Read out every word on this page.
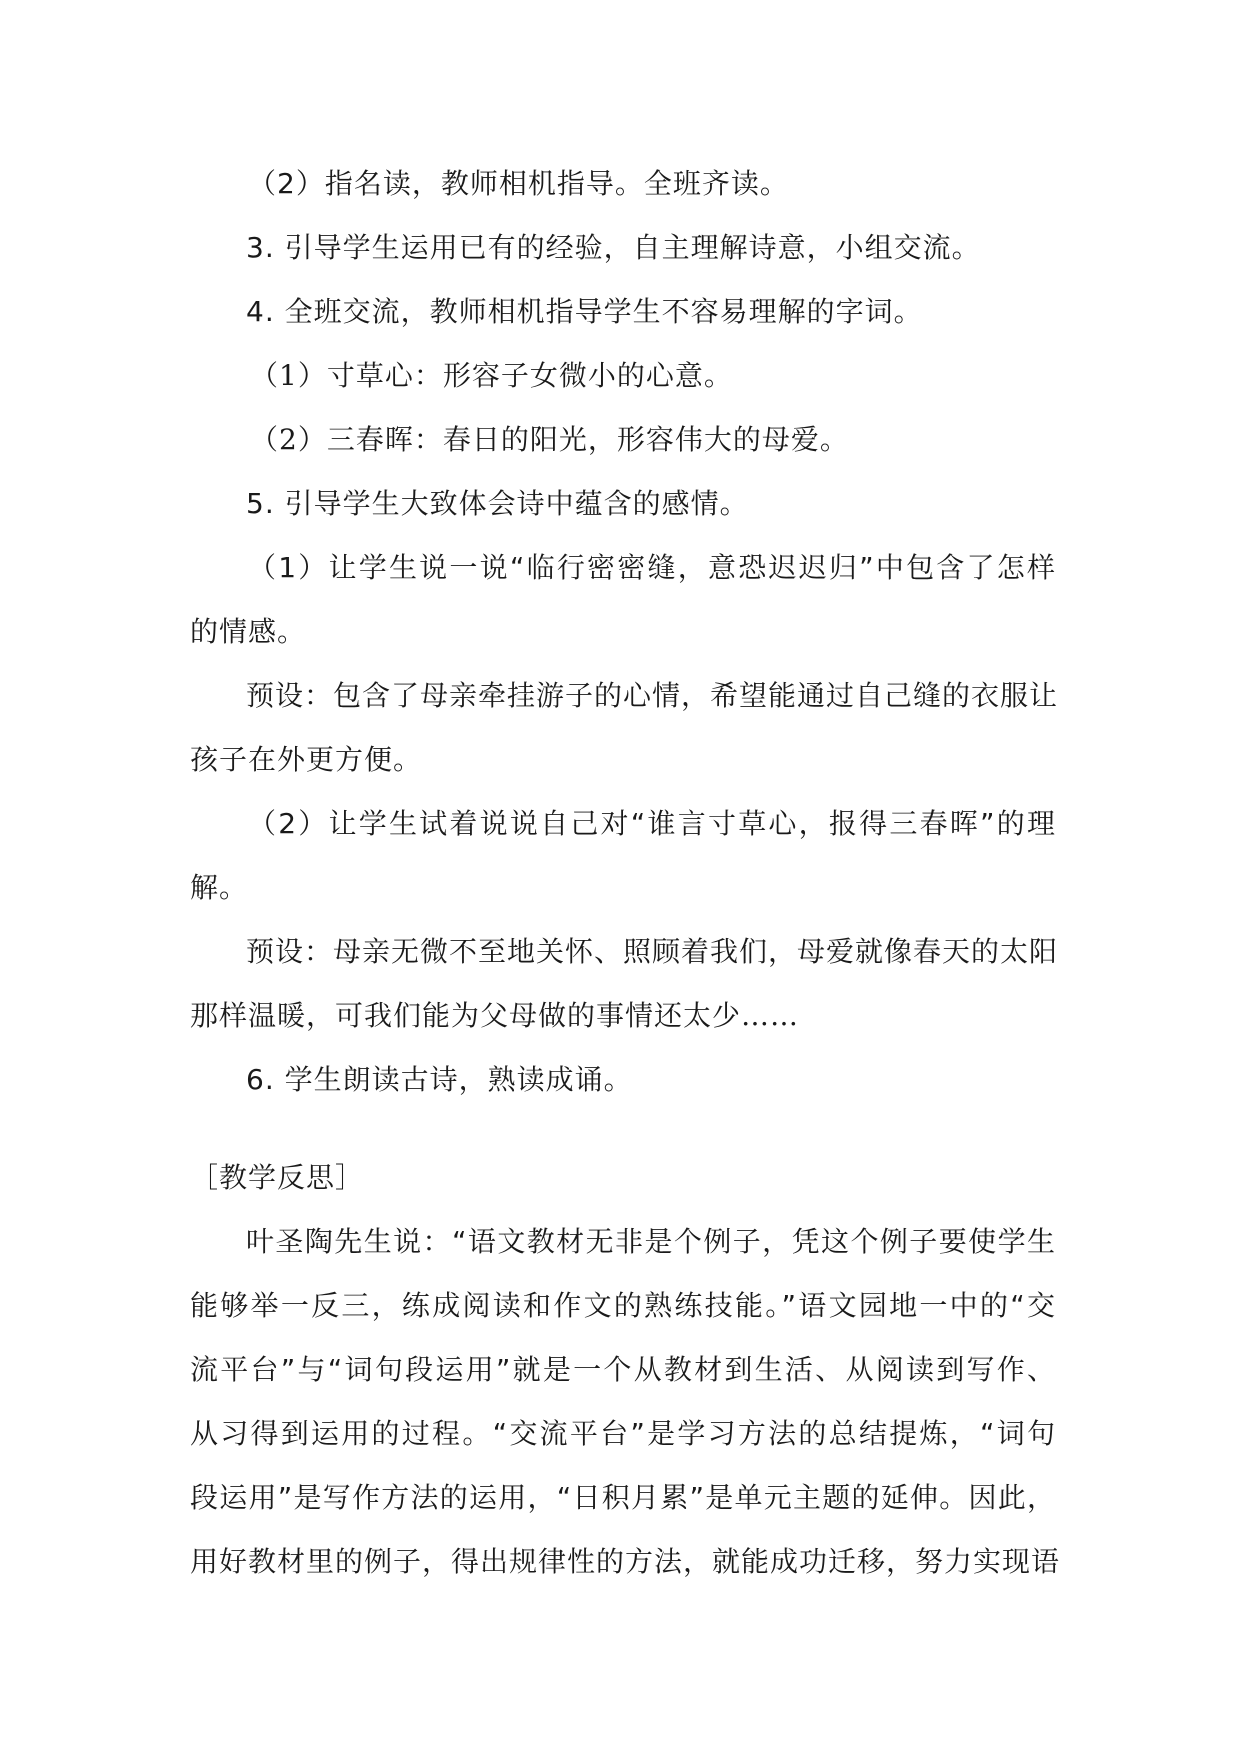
（2）指名读，教师相机指导。全班齐读。
3. 引导学生运用已有的经验，自主理解诗意，小组交流。
4. 全班交流，教师相机指导学生不容易理解的字词。
（1）寸草心：形容子女微小的心意。
（2）三春晖：春日的阳光，形容伟大的母爱。
5. 引导学生大致体会诗中蕴含的感情。
（1）让学生说一说“临行密密缝，意恐迟迟归”中包含了怎样
的情感。
预设：包含了母亲牵挂游子的心情，希望能通过自己缝的衣服让
孩子在外更方便。
（2）让学生试着说说自己对“谁言寸草心，报得三春晖”的理
解。
预设：母亲无微不至地关怀、照顾着我们，母爱就像春天的太阳
那样温暖，可我们能为父母做的事情还太少……
6. 学生朗读古诗，熟读成诵。
［教学反思］
叶圣陶先生说：“语文教材无非是个例子，凭这个例子要使学生
能够举一反三，练成阅读和作文的熟练技能。”语文园地一中的“交
流平台”与“词句段运用”就是一个从教材到生活、从阅读到写作、
从习得到运用的过程。“交流平台”是学习方法的总结提炼，“词句
段运用”是写作方法的运用，“日积月累”是单元主题的延伸。因此，
用好教材里的例子，得出规律性的方法，就能成功迁移，努力实现语
